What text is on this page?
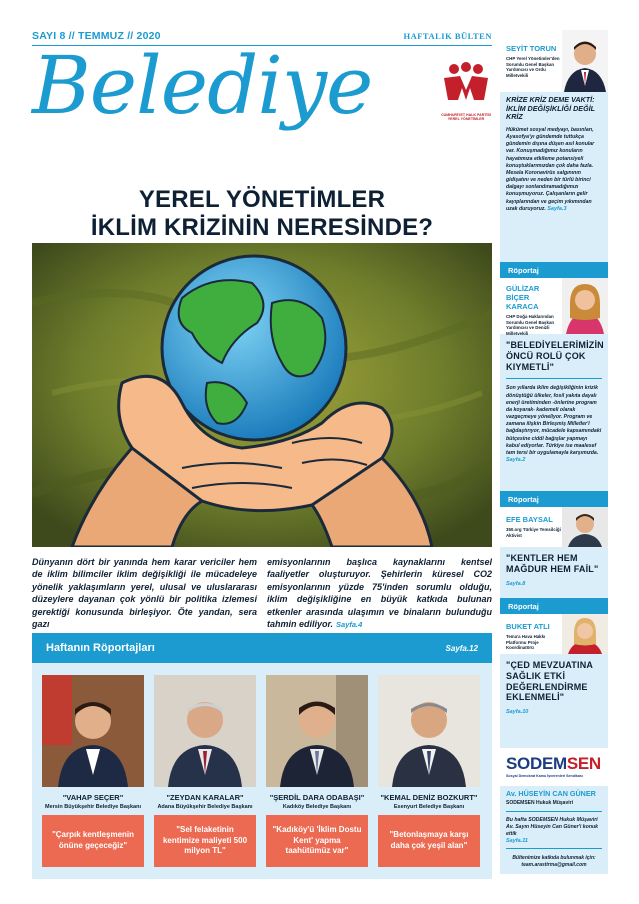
SAYI 8 // TEMMUZ // 2020	HAFTALIK BÜLTEN
Belediye	CUMHURİYET HALK PARTİSİ YEREL YÖNETİMLER
YEREL YÖNETİMLER
İKLİM KRİZİNİN NERESİNDE?

Dünyanın dört bir yanında hem karar vericiler hem de iklim bilimciler iklim değişikliği ile mücadeleye yönelik yaklaşımların yerel, ulusal ve uluslararası düzeylere dayanan çok yönlü bir politika izlemesi gerektiği konusunda birleşiyor. Öte yandan, sera gazı

emisyonlarının başlıca kaynaklarını kentsel faaliyetler oluşturuyor. Şehirlerin küresel CO2 emisyonlarının yüzde 75'inden sorumlu olduğu, iklim değişikliğine en büyük katkıda bulunan etkenler arasında ulaşımın ve binaların bulunduğu tahmin ediliyor. Sayfa.4

Haftanın Röportajları	Sayfa.12
"VAHAP SEÇER"
Mersin Büyükşehir Belediye Başkanı
"Çarpık kentleşmenin önüne geçeceğiz"
"ZEYDAN KARALAR"
Adana Büyükşehir Belediye Başkanı
"Sel felaketinin kentimize maliyeti 500 milyon TL"
"ŞERDİL DARA ODABAŞI"
Kadıköy Belediye Başkanı
"Kadıköy'ü 'İklim Dostu Kent' yapma taahütümüz var"
"KEMAL DENİZ BOZKURT"
Esenyurt Belediye Başkanı
"Betonlaşmaya karşı daha çok yeşil alan"
SEYİT TORUN
CHP Yerel Yönetimler'den Sorumlu Genel Başkan Yardımcısı ve Ordu Milletvekili
KRİZE KRİZ DEME VAKTİ: İKLİM DEĞİŞİKLİĞİ DEĞİL KRİZ
Hükümet sosyal medyayı, basınları, Ayasofya'yı gündemde tuttukça gündemin dışına düşen asıl konular var. Konuşmadığımız konuların hayatımıza etkileme potansiyeli konuştuklarımızdan çok daha fazla. Mesela Koronavirüs salgınının gidişatını ve neden bir türlü birinci dalgayı sonlandıramadığımızı konuşmuyoruz. Çalışanların gelir kayıplarından ve geçim yıkımından uzak duruyoruz. Sayfa.3
Röportaj
GÜLİZAR BİÇER KARACA
CHP Doğa Haklarından Sorumlu Genel Başkan Yardımcısı ve Denizli Milletvekili
"BELEDİYELERİMİZİN ÖNCÜ ROLÜ ÇOK KIYMETLİ"
Son yıllarda iklim değişikliğinin krizik dönüştüğü ülkeler, fosil yakıta dayalı enerji üretiminden -önlerine program da koyarak- kademeli olarak vazgeçmeye yöneliyor. Program ve zamana ilişkin Birleşmiş Milletler'i bağdaştırıyor, mücadele kapsamındaki bütçesine ciddi bağışlar yapmayı kabul ediyorlar. Türkiye ise maalesef tam tersi bir uygulamayla karşımızda. Sayfa.2
Röportaj
EFE BAYSAL
350.org Türkiye Temsilciği Aktivist
"KENTLER HEM MAĞDUR HEM FAİL"
Sayfa.8
Röportaj
BUKET ATLI
Tema'a Hava Hakkı Platformu Proje Koordinatörü
"ÇED MEVZUATINA SAĞLIK ETKİ DEĞERLENDİRME EKLENMELİ"
Sayfa.10
SODEMSEN
Sosyal Demokrat Kamu İşverenleri Sendikası
Av. HÜSEYİN CAN GÜNER
SODEMSEN Hukuk Müşaviri
Bu hafta SODEMSEN Hukuk Müşaviri Av. Sayın Hüseyin Can Güner'i konuk ettik
Sayfa.11
Bültenimize katkıda bulunmak için: team.arastirma@gmail.com
